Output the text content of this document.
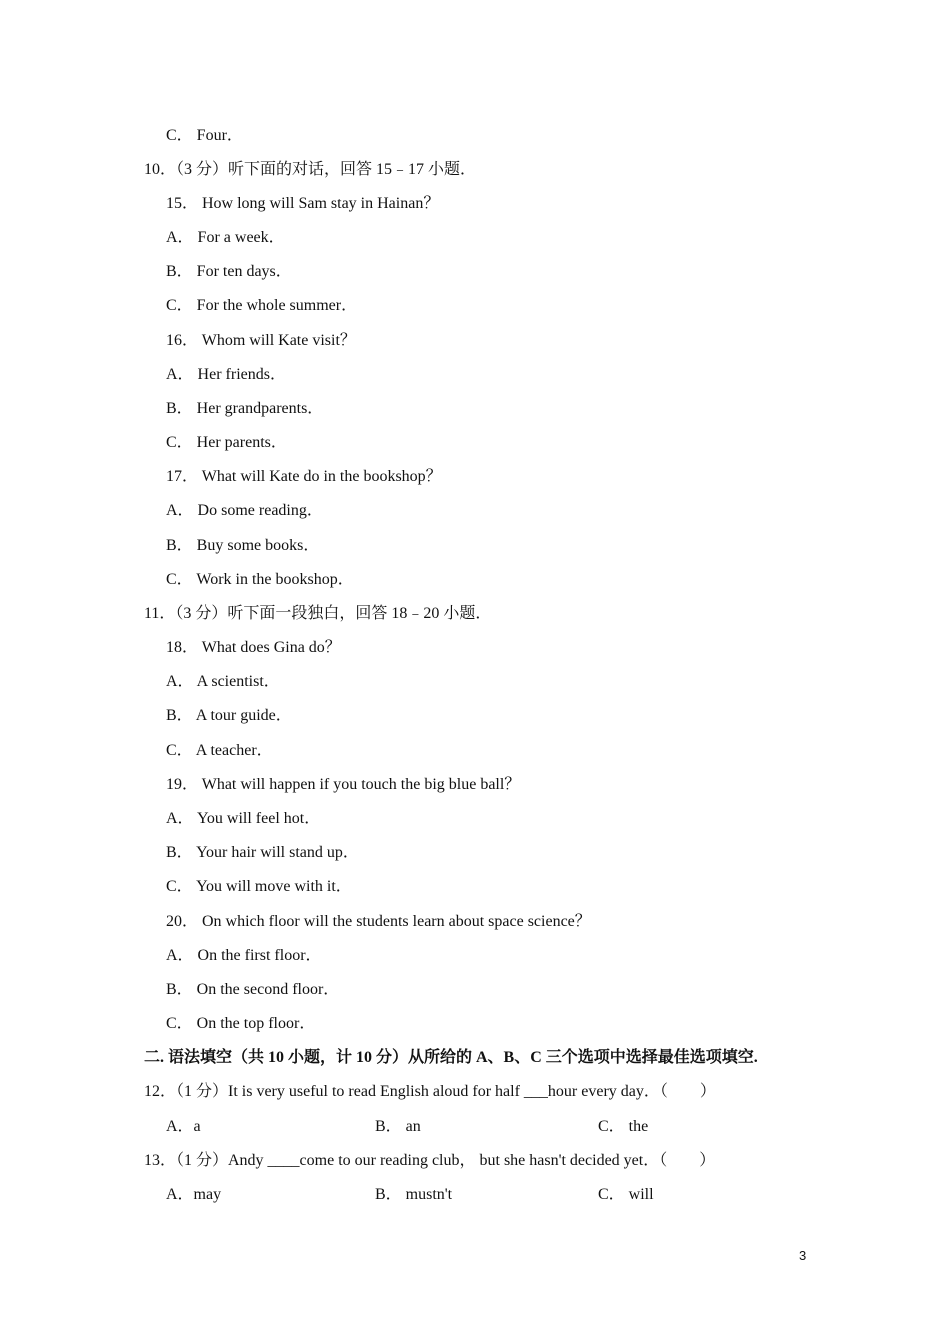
C． Four．
10．（3 分）听下面的对话，回答 15﹣17 小题．
15． How long will Sam stay in Hainan？
A． For a week．
B． For ten days．
C． For the whole summer．
16． Whom will Kate visit？
A． Her friends．
B． Her grandparents．
C． Her parents．
17． What will Kate do in the bookshop？
A． Do some reading．
B． Buy some books．
C． Work in the bookshop．
11．（3 分）听下面一段独白，回答 18﹣20 小题．
18． What does Gina do？
A． A scientist．
B． A tour guide．
C． A teacher．
19． What will happen if you touch the big blue ball？
A． You will feel hot．
B． Your hair will stand up．
C． You will move with it．
20． On which floor will the students learn about space science？
A． On the first floor．
B． On the second floor．
C． On the top floor．
二. 语法填空（共 10 小题，计 10 分）从所给的 A、B、C 三个选项中选择最佳选项填空.
12．（1 分）It is very useful to read English aloud for half ___hour every day．（　　）
A．a	B． an	C． the
13．（1 分）Andy ____come to our reading club， but she hasn't decided yet．（　　）
A．may	B． mustn't	C． will
3
